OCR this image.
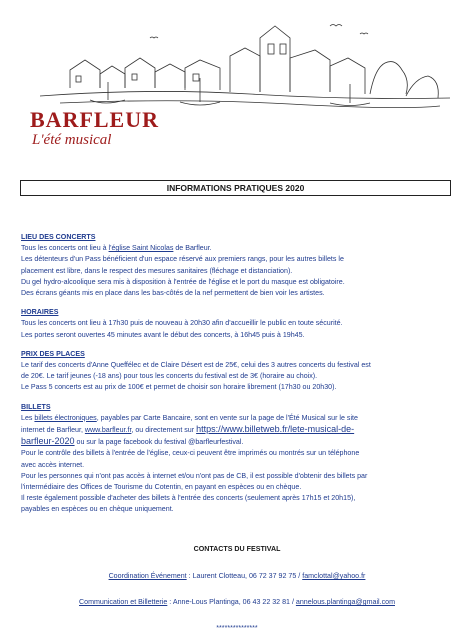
BARFLEUR
L'été musical
INFORMATIONS PRATIQUES 2020
LIEU DES CONCERTS
Tous les concerts ont lieu à l'église Saint Nicolas de Barfleur.
Les détenteurs d'un Pass bénéficient d'un espace réservé aux premiers rangs, pour les autres billets le
placement est libre, dans le respect des mesures sanitaires (fléchage et distanciation).
Du gel hydro-alcoolique sera mis à disposition à l'entrée de l'église et le port du masque est obligatoire.
Des écrans géants mis en place dans les bas-côtés de la nef permettent de bien voir les artistes.
HORAIRES
Tous les concerts ont lieu à 17h30 puis de nouveau à 20h30 afin d'accueillir le public en toute sécurité.
Les portes seront ouvertes 45 minutes avant le début des concerts, à 16h45 puis à 19h45.
PRIX DES PLACES
Le tarif des concerts d'Anne Queffélec et de Claire Désert est de 25€, celui des 3 autres concerts du festival est
de 20€. Le tarif jeunes (-18 ans) pour tous les concerts du festival est de 3€ (horaire au choix).
Le Pass 5 concerts est au prix de 100€ et permet de choisir son horaire librement (17h30 ou 20h30).
BILLETS
Les billets électroniques, payables par Carte Bancaire, sont en vente sur la page de l'Été Musical sur le site
internet de Barfleur, www.barfleur.fr, ou directement sur https://www.billetweb.fr/lete-musical-de-
barfleur-2020 ou sur la page facebook du festival @barfleurfestival.
Pour le contrôle des billets à l'entrée de l'église, ceux-ci peuvent être imprimés ou montrés sur un téléphone
avec accès internet.
Pour les personnes qui n'ont pas accès à internet et/ou n'ont pas de CB, il est possible d'obtenir des billets par
l'intermédiaire des Offices de Tourisme du Cotentin, en payant en espèces ou en chèque.
Il reste également possible d'acheter des billets à l'entrée des concerts (seulement après 17h15 et 20h15),
payables en espèces ou en chèque uniquement.
CONTACTS DU FESTIVAL
Coordination Événement : Laurent Clotteau, 06 72 37 92 75 / famclottal@yahoo.fr
Communication et Billetterie : Anne-Lous Plantinga, 06 43 22 32 81 / annelous.plantinga@gmail.com
***************
